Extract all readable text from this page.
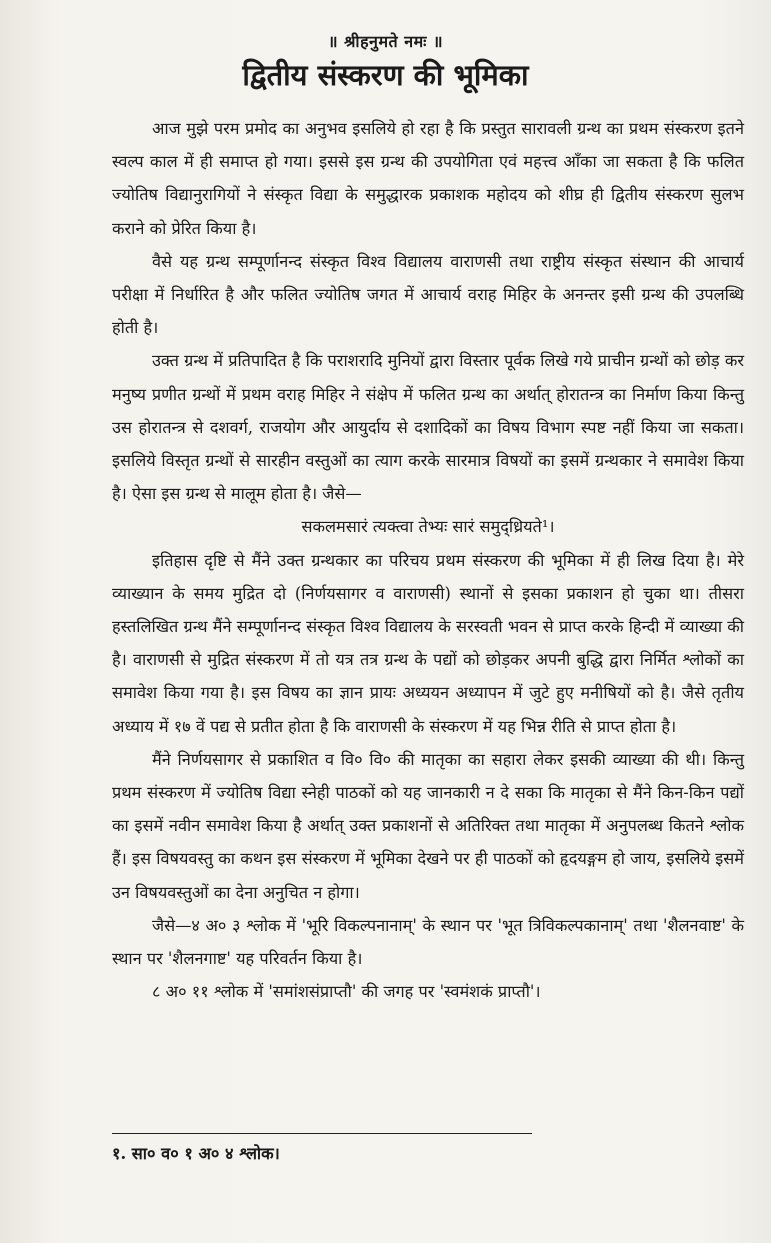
॥ श्रीहनुमते नमः ॥
द्वितीय संस्करण की भूमिका

आज मुझे परम प्रमोद का अनुभव इसलिये हो रहा है कि प्रस्तुत सारावली ग्रन्थ का प्रथम संस्करण इतने स्वल्प काल में ही समाप्त हो गया। इससे इस ग्रन्थ की उपयोगिता एवं महत्त्व आँका जा सकता है कि फलित ज्योतिष विद्यानुरागियों ने संस्कृत विद्या के समुद्धारक प्रकाशक महोदय को शीघ्र ही द्वितीय संस्करण सुलभ कराने को प्रेरित किया है।

वैसे यह ग्रन्थ सम्पूर्णानन्द संस्कृत विश्व विद्यालय वाराणसी तथा राष्ट्रीय संस्कृत संस्थान की आचार्य परीक्षा में निर्धारित है और फलित ज्योतिष जगत में आचार्य वराह मिहिर के अनन्तर इसी ग्रन्थ की उपलब्धि होती है।

उक्त ग्रन्थ में प्रतिपादित है कि पराशरादि मुनियों द्वारा विस्तार पूर्वक लिखे गये प्राचीन ग्रन्थों को छोड़ कर मनुष्य प्रणीत ग्रन्थों में प्रथम वराह मिहिर ने संक्षेप में फलित ग्रन्थ का अर्थात् होरातन्त्र का निर्माण किया किन्तु उस होरातन्त्र से दशवर्ग, राजयोग और आयुर्दाय से दशादिकों का विषय विभाग स्पष्ट नहीं किया जा सकता। इसलिये विस्तृत ग्रन्थों से सारहीन वस्तुओं का त्याग करके सारमात्र विषयों का इसमें ग्रन्थकार ने समावेश किया है। ऐसा इस ग्रन्थ से मालूम होता है। जैसे—

सकलमसारं त्यक्त्वा तेभ्यः सारं समुद्ध्रियते¹।

इतिहास दृष्टि से मैंने उक्त ग्रन्थकार का परिचय प्रथम संस्करण की भूमिका में ही लिख दिया है। मेरे व्याख्यान के समय मुद्रित दो (निर्णयसागर व वाराणसी) स्थानों से इसका प्रकाशन हो चुका था। तीसरा हस्तलिखित ग्रन्थ मैंने सम्पूर्णानन्द संस्कृत विश्व विद्यालय के सरस्वती भवन से प्राप्त करके हिन्दी में व्याख्या की है। वाराणसी से मुद्रित संस्करण में तो यत्र तत्र ग्रन्थ के पद्यों को छोड़कर अपनी बुद्धि द्वारा निर्मित श्लोकों का समावेश किया गया है। इस विषय का ज्ञान प्रायः अध्ययन अध्यापन में जुटे हुए मनीषियों को है। जैसे तृतीय अध्याय में १७ वें पद्य से प्रतीत होता है कि वाराणसी के संस्करण में यह भिन्न रीति से प्राप्त होता है।

मैंने निर्णयसागर से प्रकाशित व वि० वि० की मातृका का सहारा लेकर इसकी व्याख्या की थी। किन्तु प्रथम संस्करण में ज्योतिष विद्या स्नेही पाठकों को यह जानकारी न दे सका कि मातृका से मैंने किन-किन पद्यों का इसमें नवीन समावेश किया है अर्थात् उक्त प्रकाशनों से अतिरिक्त तथा मातृका में अनुपलब्ध कितने श्लोक हैं। इस विषयवस्तु का कथन इस संस्करण में भूमिका देखने पर ही पाठकों को हृदयङ्गम हो जाय, इसलिये इसमें उन विषयवस्तुओं का देना अनुचित न होगा।

जैसे—४ अ० ३ श्लोक में 'भूरि विकल्पनानाम्' के स्थान पर 'भूत त्रिविकल्पकानाम्' तथा 'शैलनवाष्ट' के स्थान पर 'शैलनगाष्ट' यह परिवर्तन किया है।

८ अ० ११ श्लोक में 'समांशसंप्राप्तौ' की जगह पर 'स्वमंशकं प्राप्तौ'।

१. सा० व० १ अ० ४ श्लोक।
